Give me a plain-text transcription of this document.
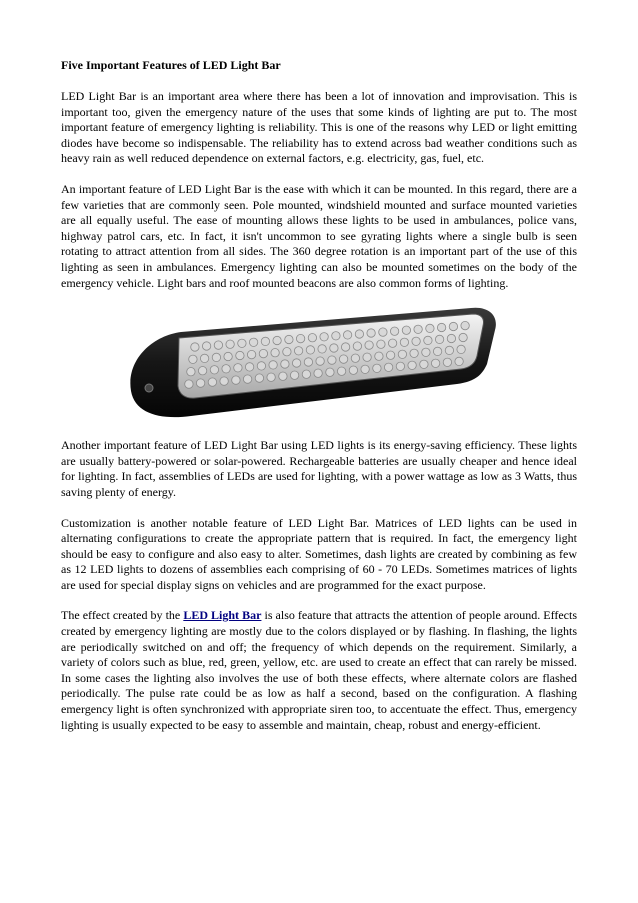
Five Important Features of LED Light Bar

LED Light Bar is an important area where there has been a lot of innovation and improvisation. This is important too, given the emergency nature of the uses that some kinds of lighting are put to. The most important feature of emergency lighting is reliability. This is one of the reasons why LED or light emitting diodes have become so indispensable. The reliability has to extend across bad weather conditions such as heavy rain as well reduced dependence on external factors, e.g. electricity, gas, fuel, etc.

An important feature of LED Light Bar is the ease with which it can be mounted. In this regard, there are a few varieties that are commonly seen. Pole mounted, windshield mounted and surface mounted varieties are all equally useful. The ease of mounting allows these lights to be used in ambulances, police vans, highway patrol cars, etc. In fact, it isn't uncommon to see gyrating lights where a single bulb is seen rotating to attract attention from all sides. The 360 degree rotation is an important part of the use of this lighting as seen in ambulances. Emergency lighting can also be mounted sometimes on the body of the emergency vehicle. Light bars and roof mounted beacons are also common forms of lighting.

Another important feature of LED Light Bar using LED lights is its energy-saving efficiency. These lights are usually battery-powered or solar-powered. Rechargeable batteries are usually cheaper and hence ideal for lighting. In fact, assemblies of LEDs are used for lighting, with a power wattage as low as 3 Watts, thus saving plenty of energy.

Customization is another notable feature of LED Light Bar. Matrices of LED lights can be used in alternating configurations to create the appropriate pattern that is required. In fact, the emergency light should be easy to configure and also easy to alter. Sometimes, dash lights are created by combining as few as 12 LED lights to dozens of assemblies each comprising of 60 - 70 LEDs. Sometimes matrices of lights are used for special display signs on vehicles and are programmed for the exact purpose.

The effect created by the LED Light Bar is also feature that attracts the attention of people around. Effects created by emergency lighting are mostly due to the colors displayed or by flashing. In flashing, the lights are periodically switched on and off; the frequency of which depends on the requirement. Similarly, a variety of colors such as blue, red, green, yellow, etc. are used to create an effect that can rarely be missed. In some cases the lighting also involves the use of both these effects, where alternate colors are flashed periodically. The pulse rate could be as low as half a second, based on the configuration. A flashing emergency light is often synchronized with appropriate siren too, to accentuate the effect. Thus, emergency lighting is usually expected to be easy to assemble and maintain, cheap, robust and energy-efficient.
